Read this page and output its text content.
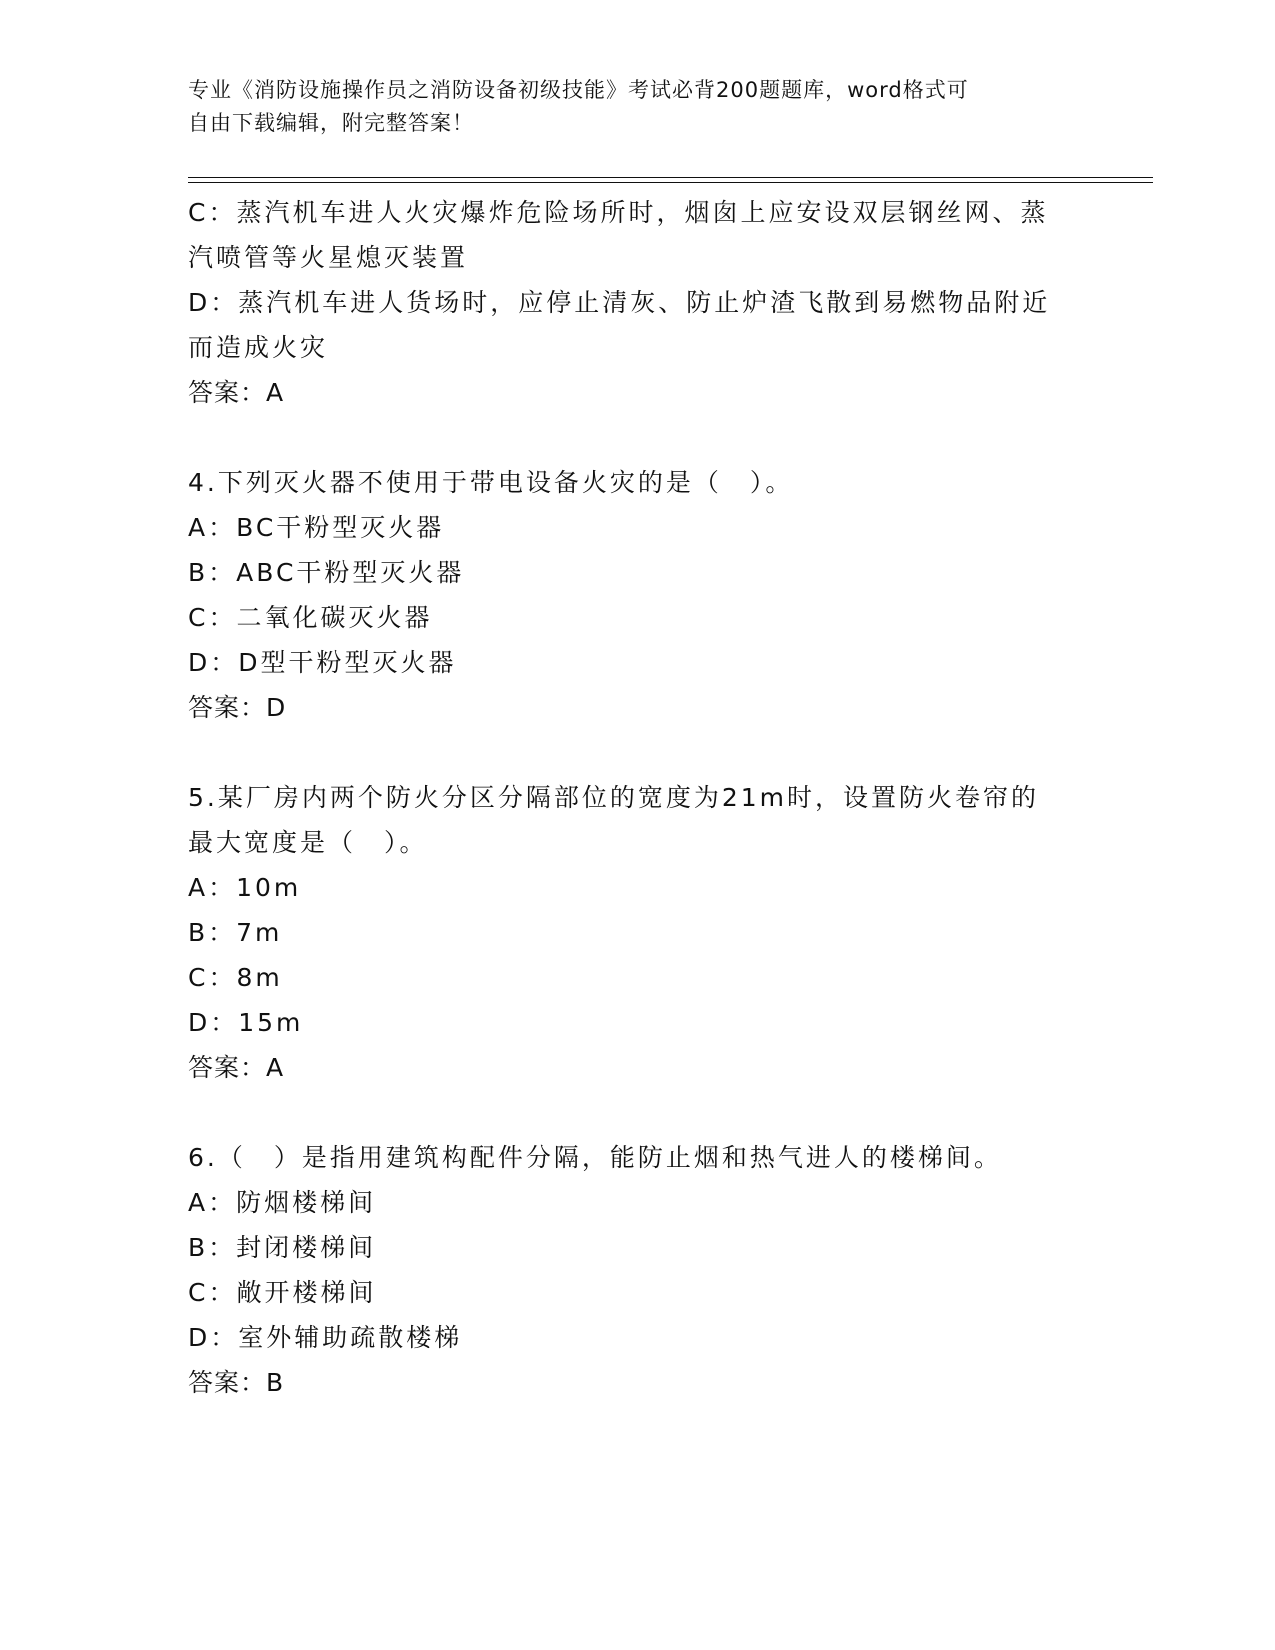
专业《消防设施操作员之消防设备初级技能》考试必背200题题库，word格式可
自由下载编辑，附完整答案！
C：蒸汽机车进人火灾爆炸危险场所时，烟囱上应安设双层钢丝网、蒸
汽喷管等火星熄灭装置
D：蒸汽机车进人货场时，应停止清灰、防止炉渣飞散到易燃物品附近
而造成火灾
答案：A
4.下列灭火器不使用于带电设备火灾的是（　）。
A：BC干粉型灭火器
B：ABC干粉型灭火器
C：二氧化碳灭火器
D：D型干粉型灭火器
答案：D
5.某厂房内两个防火分区分隔部位的宽度为21m时，设置防火卷帘的
最大宽度是（　）。
A：10m
B：7m
C：8m
D：15m
答案：A
6.（　）是指用建筑构配件分隔，能防止烟和热气进人的楼梯间。
A：防烟楼梯间
B：封闭楼梯间
C：敞开楼梯间
D：室外辅助疏散楼梯
答案：B
